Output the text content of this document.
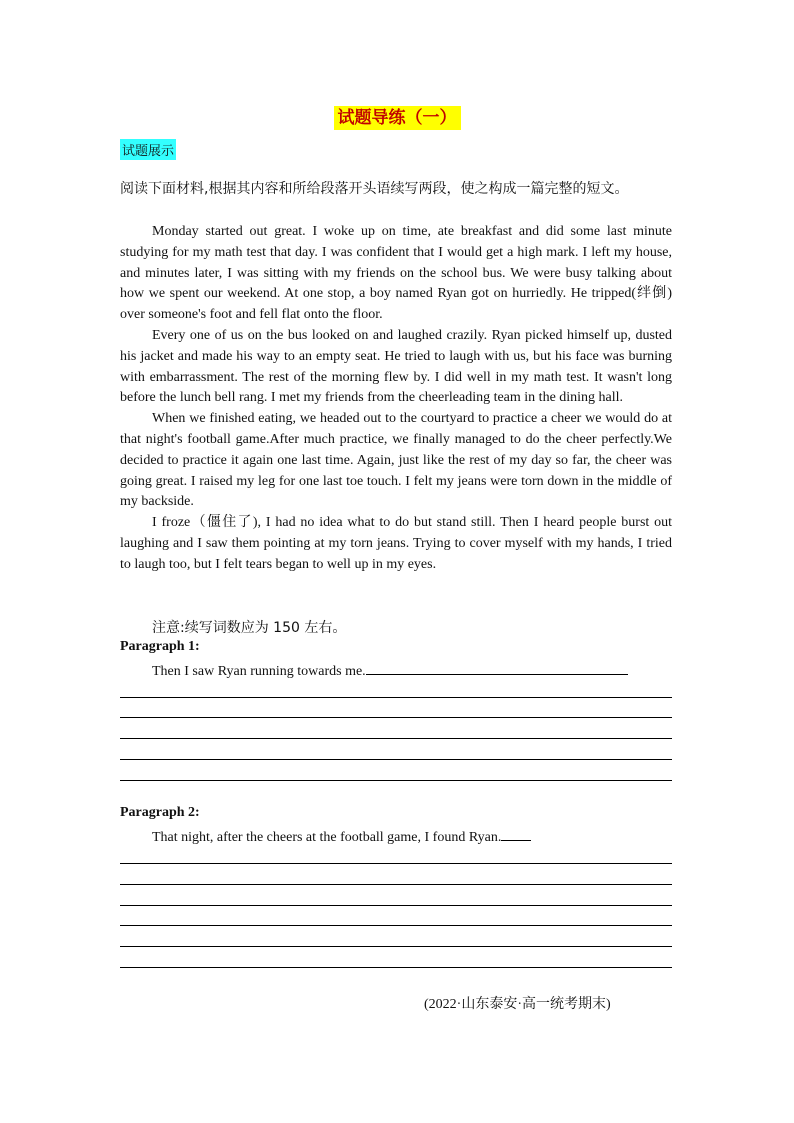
试题导练（一）
试题展示

阅读下面材料,根据其内容和所给段落开头语续写两段，使之构成一篇完整的短文。

Monday started out great. I woke up on time, ate breakfast and did some last minute studying for my math test that day. I was confident that I would get a high mark. I left my house, and minutes later, I was sitting with my friends on the school bus. We were busy talking about how we spent our weekend. At one stop, a boy named Ryan got on hurriedly. He tripped(绊倒) over someone's foot and fell flat onto the floor.

Every one of us on the bus looked on and laughed crazily. Ryan picked himself up, dusted his jacket and made his way to an empty seat. He tried to laugh with us, but his face was burning with embarrassment. The rest of the morning flew by. I did well in my math test. It wasn't long before the lunch bell rang. I met my friends from the cheerleading team in the dining hall.

When we finished eating, we headed out to the courtyard to practice a cheer we would do at that night's football game.After much practice, we finally managed to do the cheer perfectly.We decided to practice it again one last time. Again, just like the rest of my day so far, the cheer was going great. I raised my leg for one last toe touch. I felt my jeans were torn down in the middle of my backside.

I froze（僵住了), I had no idea what to do but stand still. Then I heard people burst out laughing and I saw them pointing at my torn jeans. Trying to cover myself with my hands, I tried to laugh too, but I felt tears began to well up in my eyes.

注意:续写词数应为 150 左右。
Paragraph 1:
Then I saw Ryan running towards me.
Paragraph 2:
That night, after the cheers at the football game, I found Ryan.
(2022·山东泰安·高一统考期末)
